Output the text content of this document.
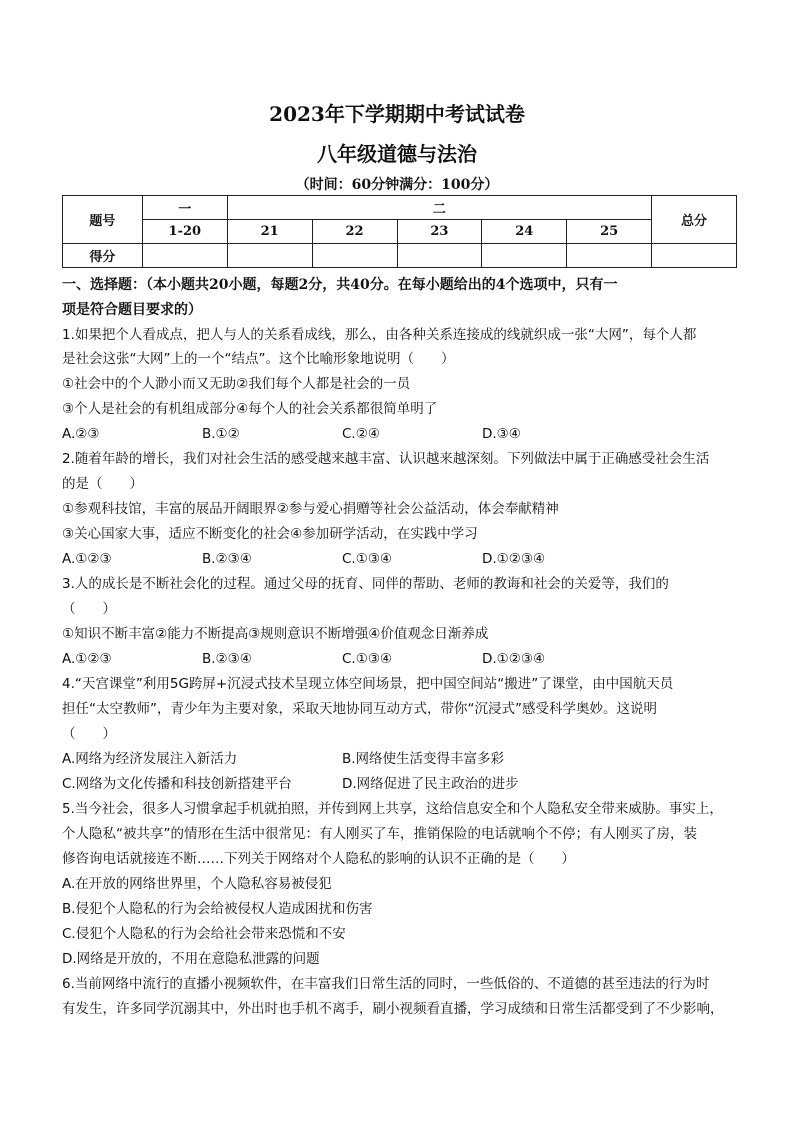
2023年下学期期中考试试卷
八年级道德与法治
（时间：60分钟满分：100分）
题号	一	二					总分
	1-20	21	22	23	24	25	
得分							
一、选择题：（本小题共20小题，每题2分，共40分。在每小题给出的4个选项中，只有一
项是符合题目要求的）
1.如果把个人看成点，把人与人的关系看成线，那么，由各种关系连接成的线就织成一张“大网”，每个人都
是社会这张“大网”上的一个“结点”。这个比喻形象地说明（　　）
①社会中的个人渺小而又无助②我们每个人都是社会的一员
③个人是社会的有机组成部分④每个人的社会关系都很简单明了
A.②③	B.①②	C.②④	D.③④
2.随着年龄的增长，我们对社会生活的感受越来越丰富、认识越来越深刻。下列做法中属于正确感受社会生活
的是（　　）
①参观科技馆，丰富的展品开阔眼界②参与爱心捐赠等社会公益活动，体会奉献精神
③关心国家大事，适应不断变化的社会④参加研学活动，在实践中学习
A.①②③	B.②③④	C.①③④	D.①②③④
3.人的成长是不断社会化的过程。通过父母的抚育、同伴的帮助、老师的教诲和社会的关爱等，我们的
（　　）
①知识不断丰富②能力不断提高③规则意识不断增强④价值观念日渐养成
A.①②③	B.②③④	C.①③④	D.①②③④
4.“天宫课堂”利用5G跨屏+沉浸式技术呈现立体空间场景，把中国空间站“搬进”了课堂，由中国航天员
担任“太空教师”，青少年为主要对象，采取天地协同互动方式，带你“沉浸式”感受科学奥妙。这说明
（　　）
A.网络为经济发展注入新活力	B.网络使生活变得丰富多彩
C.网络为文化传播和科技创新搭建平台	D.网络促进了民主政治的进步
5.当今社会，很多人习惯拿起手机就拍照，并传到网上共享，这给信息安全和个人隐私安全带来威胁。事实上，
个人隐私“被共享”的情形在生活中很常见：有人刚买了车，推销保险的电话就响个不停；有人刚买了房，装
修咨询电话就接连不断……下列关于网络对个人隐私的影响的认识不正确的是（　　）
A.在开放的网络世界里，个人隐私容易被侵犯
B.侵犯个人隐私的行为会给被侵权人造成困扰和伤害
C.侵犯个人隐私的行为会给社会带来恐慌和不安
D.网络是开放的，不用在意隐私泄露的问题
6.当前网络中流行的直播小视频软件，在丰富我们日常生活的同时，一些低俗的、不道德的甚至违法的行为时
有发生，许多同学沉溺其中，外出时也手机不离手，刷小视频看直播，学习成绩和日常生活都受到了不少影响，
